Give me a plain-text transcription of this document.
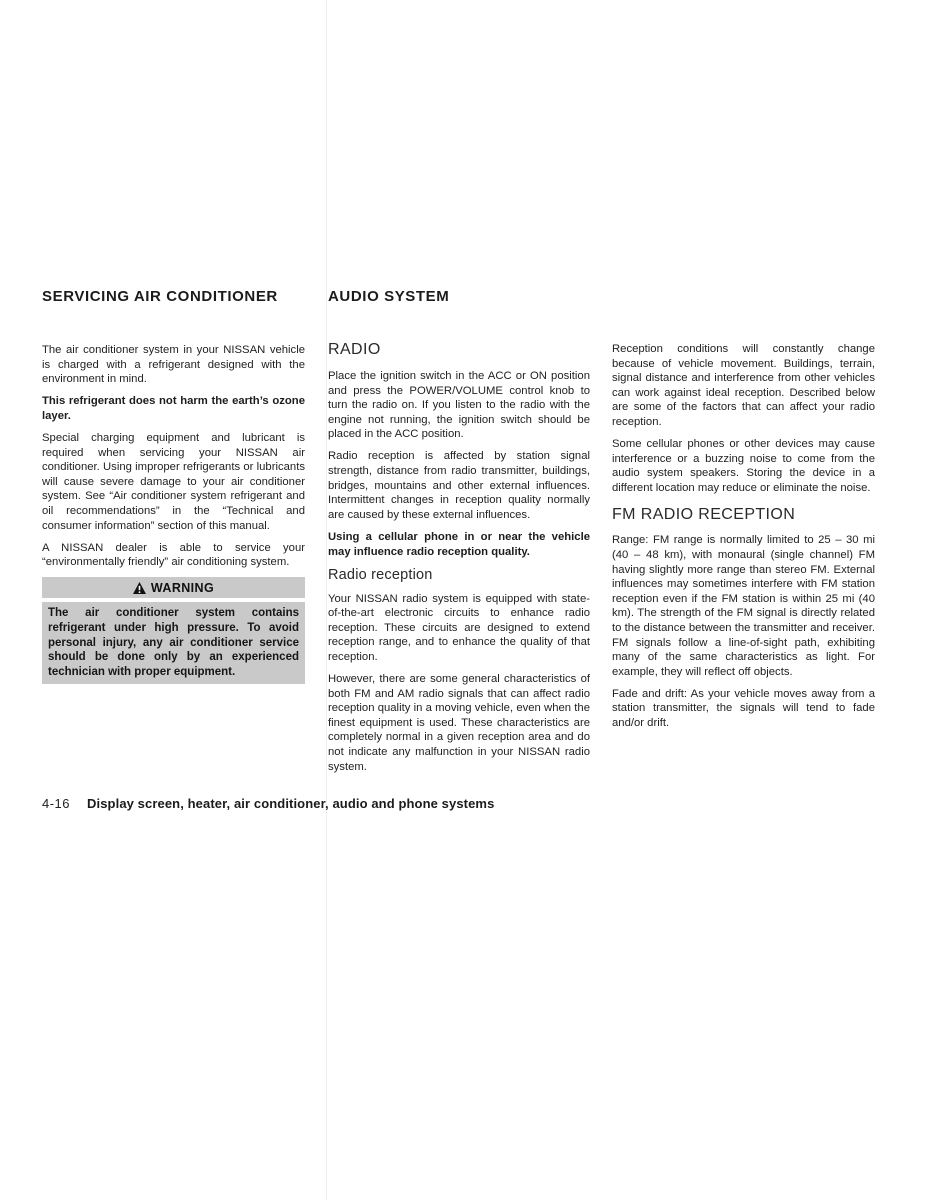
SERVICING AIR CONDITIONER

The air conditioner system in your NISSAN vehicle is charged with a refrigerant designed with the environment in mind.

This refrigerant does not harm the earth’s ozone layer.

Special charging equipment and lubricant is required when servicing your NISSAN air conditioner. Using improper refrigerants or lubricants will cause severe damage to your air conditioner system. See “Air conditioner system refrigerant and oil recommendations” in the “Technical and consumer information” section of this manual.

A NISSAN dealer is able to service your “environmentally friendly” air conditioning system.

WARNING
The air conditioner system contains refrigerant under high pressure. To avoid personal injury, any air conditioner service should be done only by an experienced technician with proper equipment.
AUDIO SYSTEM
RADIO

Place the ignition switch in the ACC or ON position and press the POWER/VOLUME control knob to turn the radio on. If you listen to the radio with the engine not running, the ignition switch should be placed in the ACC position.

Radio reception is affected by station signal strength, distance from radio transmitter, buildings, bridges, mountains and other external influences. Intermittent changes in reception quality normally are caused by these external influences.

Using a cellular phone in or near the vehicle may influence radio reception quality.

Radio reception

Your NISSAN radio system is equipped with state-of-the-art electronic circuits to enhance radio reception. These circuits are designed to extend reception range, and to enhance the quality of that reception.

However, there are some general characteristics of both FM and AM radio signals that can affect radio reception quality in a moving vehicle, even when the finest equipment is used. These characteristics are completely normal in a given reception area and do not indicate any malfunction in your NISSAN radio system.

Reception conditions will constantly change because of vehicle movement. Buildings, terrain, signal distance and interference from other vehicles can work against ideal reception. Described below are some of the factors that can affect your radio reception.

Some cellular phones or other devices may cause interference or a buzzing noise to come from the audio system speakers. Storing the device in a different location may reduce or eliminate the noise.

FM RADIO RECEPTION

Range: FM range is normally limited to 25 – 30 mi (40 – 48 km), with monaural (single channel) FM having slightly more range than stereo FM. External influences may sometimes interfere with FM station reception even if the FM station is within 25 mi (40 km). The strength of the FM signal is directly related to the distance between the transmitter and receiver. FM signals follow a line-of-sight path, exhibiting many of the same characteristics as light. For example, they will reflect off objects.

Fade and drift: As your vehicle moves away from a station transmitter, the signals will tend to fade and/or drift.

4-16 Display screen, heater, air conditioner, audio and phone systems
